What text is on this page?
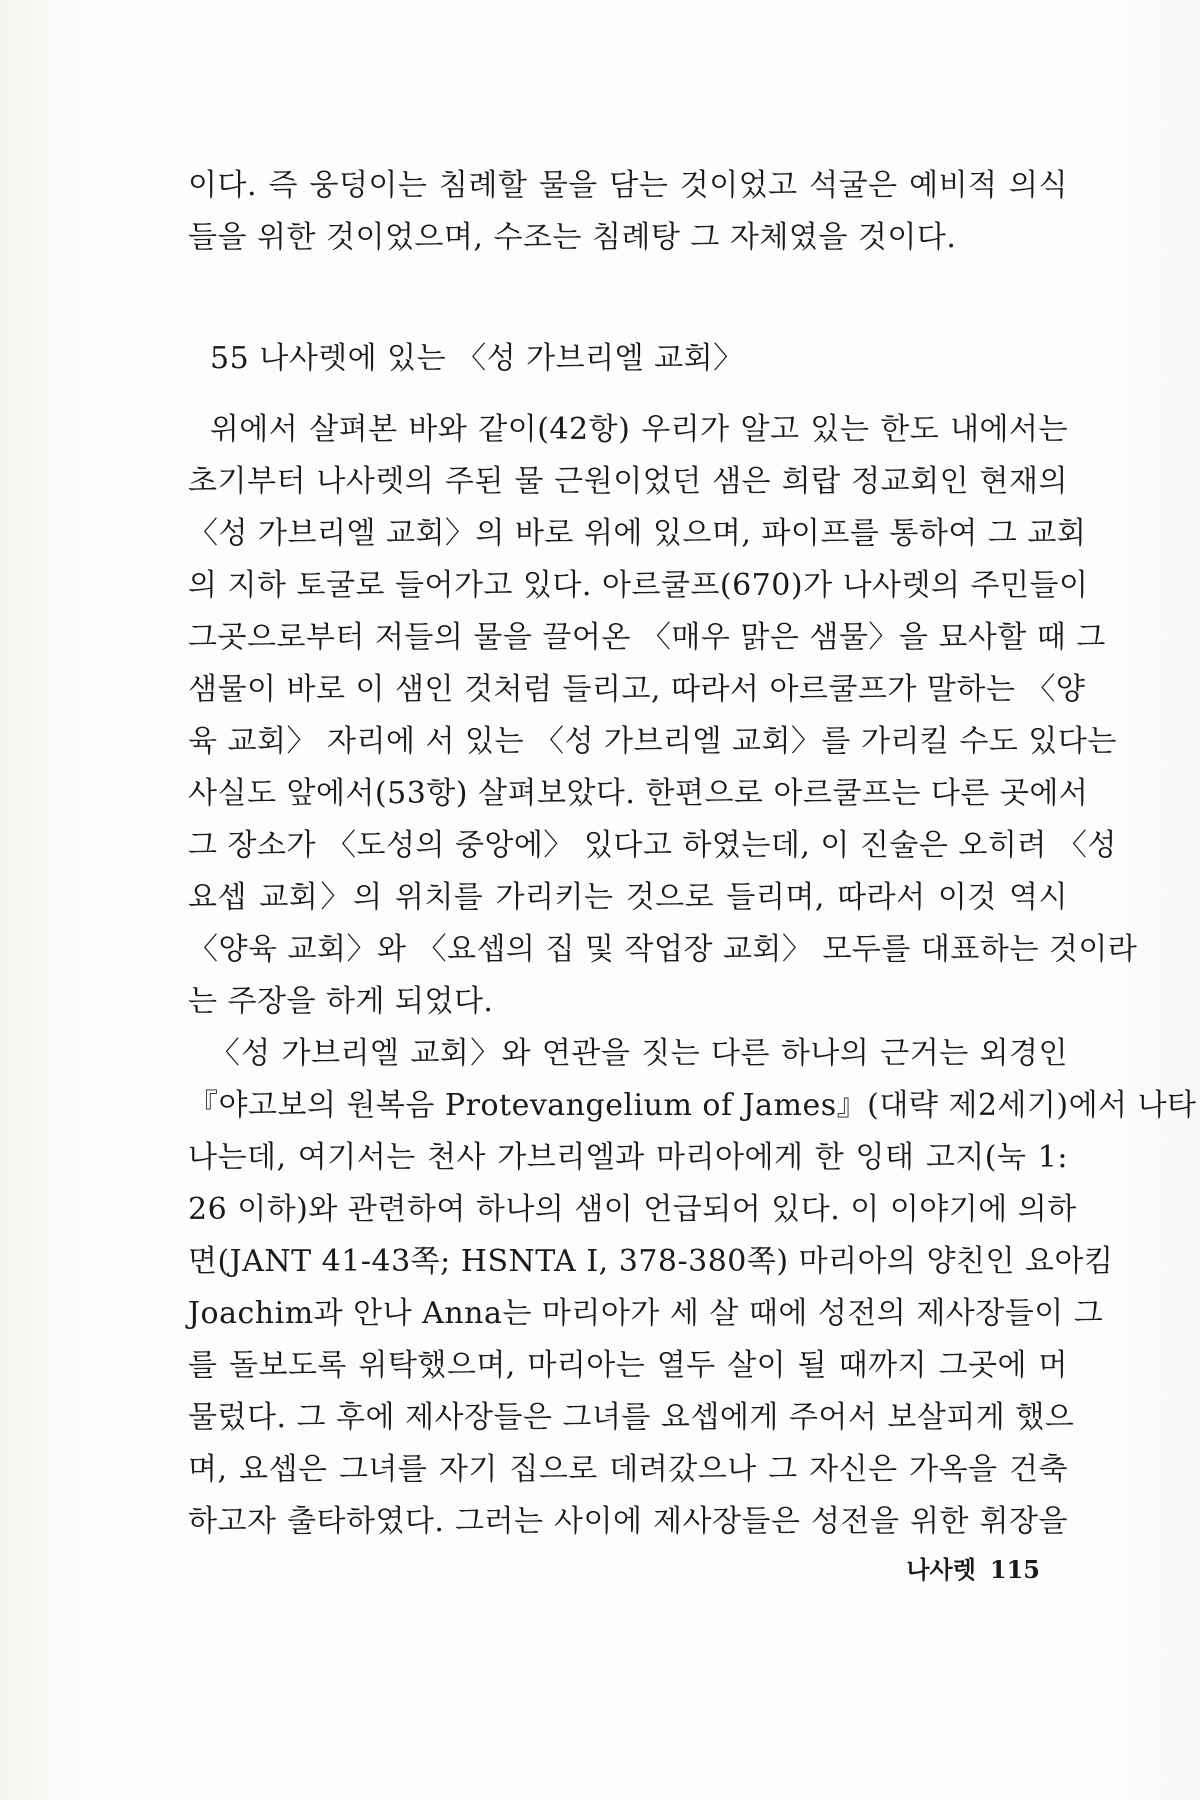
이다. 즉 웅덩이는 침례할 물을 담는 것이었고 석굴은 예비적 의식
들을 위한 것이었으며, 수조는 침례탕 그 자체였을 것이다.
55 나사렛에 있는 〈성 가브리엘 교회〉
위에서 살펴본 바와 같이(42항) 우리가 알고 있는 한도 내에서는
초기부터 나사렛의 주된 물 근원이었던 샘은 희랍 정교회인 현재의
〈성 가브리엘 교회〉의 바로 위에 있으며, 파이프를 통하여 그 교회
의 지하 토굴로 들어가고 있다. 아르쿨프(670)가 나사렛의 주민들이
그곳으로부터 저들의 물을 끌어온 〈매우 맑은 샘물〉을 묘사할 때 그
샘물이 바로 이 샘인 것처럼 들리고, 따라서 아르쿨프가 말하는 〈양
육 교회〉 자리에 서 있는 〈성 가브리엘 교회〉를 가리킬 수도 있다는
사실도 앞에서(53항) 살펴보았다. 한편으로 아르쿨프는 다른 곳에서
그 장소가 〈도성의 중앙에〉 있다고 하였는데, 이 진술은 오히려 〈성
요셉 교회〉의 위치를 가리키는 것으로 들리며, 따라서 이것 역시
〈양육 교회〉와 〈요셉의 집 및 작업장 교회〉 모두를 대표하는 것이라
는 주장을 하게 되었다.
〈성 가브리엘 교회〉와 연관을 짓는 다른 하나의 근거는 외경인
『야고보의 원복음 Protevangelium of James』(대략 제2세기)에서 나타
나는데, 여기서는 천사 가브리엘과 마리아에게 한 잉태 고지(눅 1:
26 이하)와 관련하여 하나의 샘이 언급되어 있다. 이 이야기에 의하
면(JANT 41-43쪽; HSNTA I, 378-380쪽) 마리아의 양친인 요아킴
Joachim과 안나 Anna는 마리아가 세 살 때에 성전의 제사장들이 그
를 돌보도록 위탁했으며, 마리아는 열두 살이 될 때까지 그곳에 머
물렀다. 그 후에 제사장들은 그녀를 요셉에게 주어서 보살피게 했으
며, 요셉은 그녀를 자기 집으로 데려갔으나 그 자신은 가옥을 건축
하고자 출타하였다. 그러는 사이에 제사장들은 성전을 위한 휘장을
나사렛 115
